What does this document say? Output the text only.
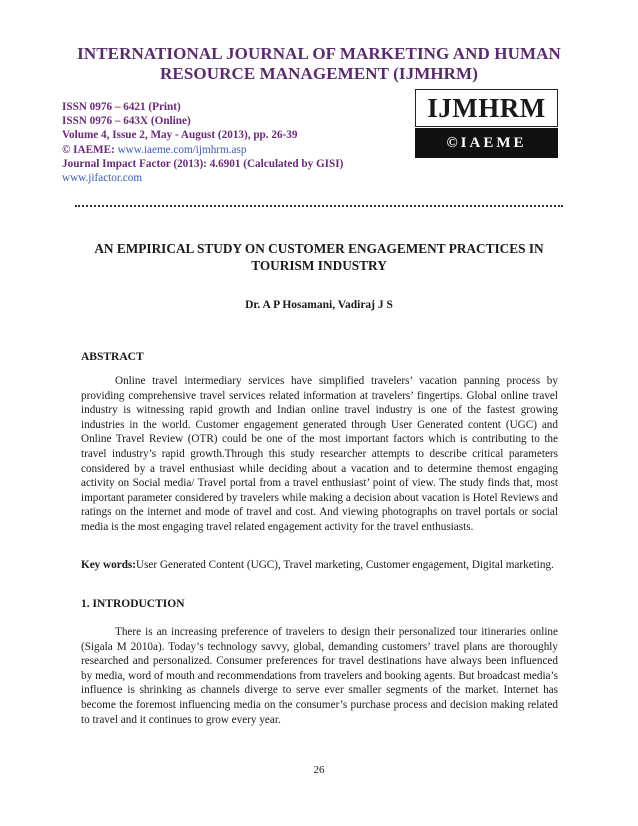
INTERNATIONAL JOURNAL OF MARKETING AND HUMAN
RESOURCE MANAGEMENT (IJMHRM)
ISSN 0976 – 6421 (Print)
ISSN 0976 – 643X (Online)
Volume 4, Issue 2, May - August (2013), pp. 26-39
© IAEME: www.iaeme.com/ijmhrm.asp
Journal Impact Factor (2013): 4.6901 (Calculated by GISI)
www.jifactor.com
IJMHRM
©IAEME
AN EMPIRICAL STUDY ON CUSTOMER ENGAGEMENT PRACTICES IN
TOURISM INDUSTRY
Dr. A P Hosamani, Vadiraj J S
ABSTRACT

Online travel intermediary services have simplified travelers’ vacation panning process by providing comprehensive travel services related information at travelers’ fingertips. Global online travel industry is witnessing rapid growth and Indian online travel industry is one of the fastest growing industries in the world. Customer engagement generated through User Generated content (UGC) and Online Travel Review (OTR) could be one of the most important factors which is contributing to the travel industry’s rapid growth.Through this study researcher attempts to describe critical parameters considered by a travel enthusiast while deciding about a vacation and to determine themost engaging activity on Social media/ Travel portal from a travel enthusiast’ point of view. The study finds that, most important parameter considered by travelers while making a decision about vacation is Hotel Reviews and ratings on the internet and mode of travel and cost. And viewing photographs on travel portals or social media is the most engaging travel related engagement activity for the travel enthusiasts.

Key words:User Generated Content (UGC), Travel marketing, Customer engagement, Digital marketing.
1. INTRODUCTION

There is an increasing preference of travelers to design their personalized tour itineraries online (Sigala M 2010a). Today’s technology savvy, global, demanding customers’ travel plans are thoroughly researched and personalized. Consumer preferences for travel destinations have always been influenced by media, word of mouth and recommendations from travelers and booking agents. But broadcast media’s influence is shrinking as channels diverge to serve ever smaller segments of the market. Internet has become the foremost influencing media on the consumer’s purchase process and decision making related to travel and it continues to grow every year.

26
